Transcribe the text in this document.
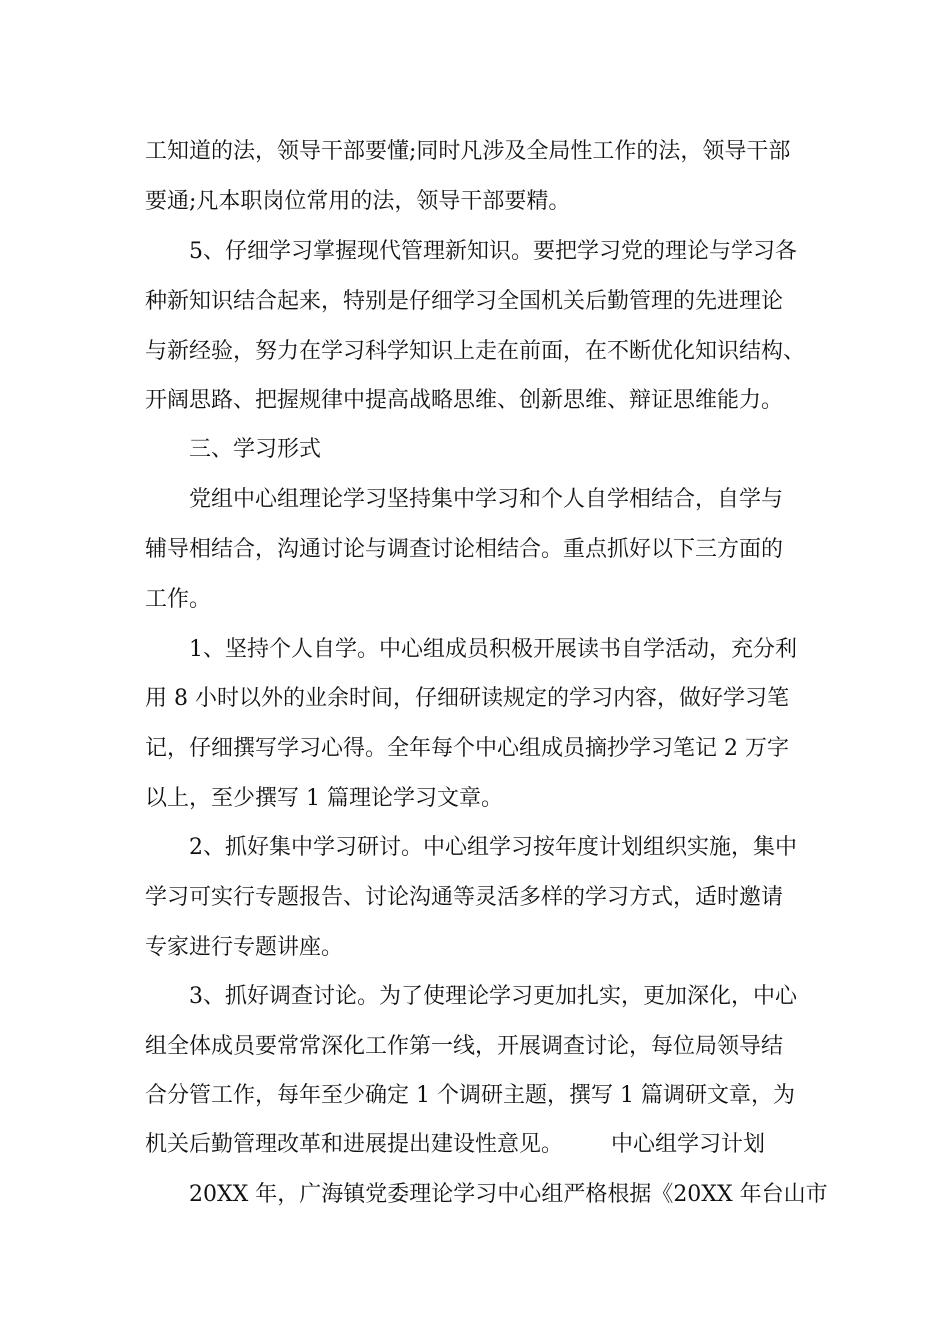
工知道的法，领导干部要懂;同时凡涉及全局性工作的法，领导干部
要通;凡本职岗位常用的法，领导干部要精。
5、仔细学习掌握现代管理新知识。要把学习党的理论与学习各
种新知识结合起来，特别是仔细学习全国机关后勤管理的先进理论
与新经验，努力在学习科学知识上走在前面，在不断优化知识结构、
开阔思路、把握规律中提高战略思维、创新思维、辩证思维能力。
三、学习形式
党组中心组理论学习坚持集中学习和个人自学相结合，自学与
辅导相结合，沟通讨论与调查讨论相结合。重点抓好以下三方面的
工作。
1、坚持个人自学。中心组成员积极开展读书自学活动，充分利
用 8 小时以外的业余时间，仔细研读规定的学习内容，做好学习笔
记，仔细撰写学习心得。全年每个中心组成员摘抄学习笔记 2 万字
以上，至少撰写 1 篇理论学习文章。
2、抓好集中学习研讨。中心组学习按年度计划组织实施，集中
学习可实行专题报告、讨论沟通等灵活多样的学习方式，适时邀请
专家进行专题讲座。
3、抓好调查讨论。为了使理论学习更加扎实，更加深化，中心
组全体成员要常常深化工作第一线，开展调查讨论，每位局领导结
合分管工作，每年至少确定 1 个调研主题，撰写 1 篇调研文章，为
机关后勤管理改革和进展提出建设性意见。 中心组学习计划
20XX 年，广海镇党委理论学习中心组严格根据《20XX 年台山市
